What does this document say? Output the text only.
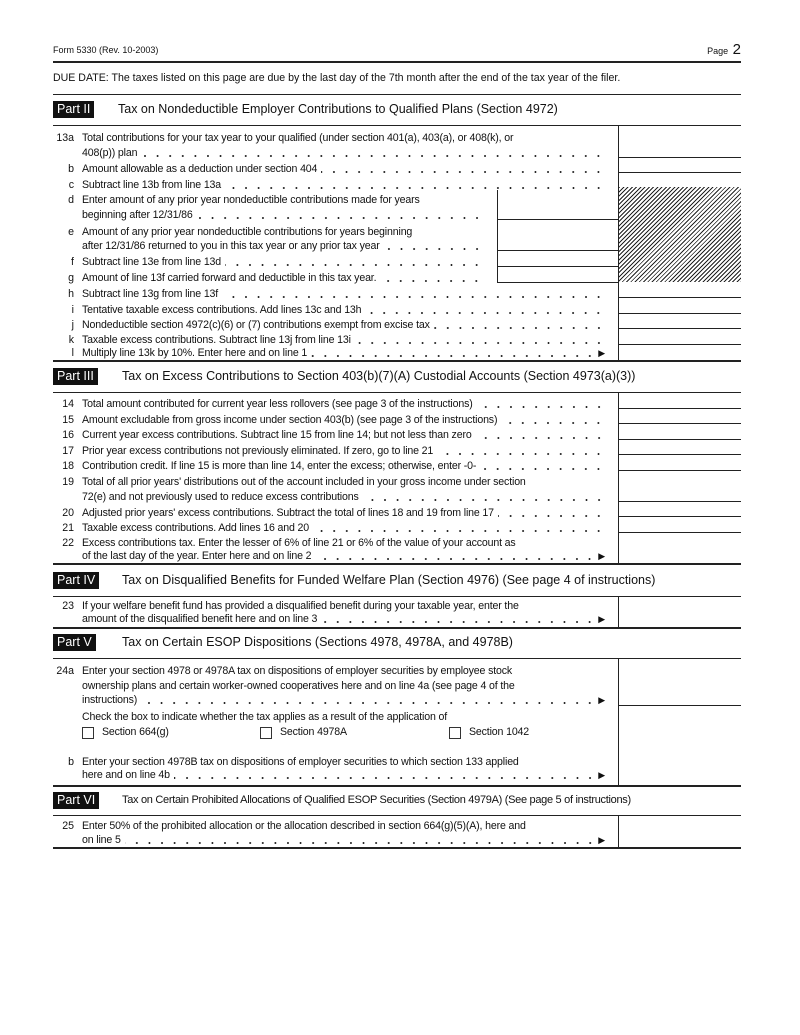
Form 5330 (Rev. 10-2003)	Page 2
DUE DATE: The taxes listed on this page are due by the last day of the 7th month after the end of the tax year of the filer.
Part II	Tax on Nondeductible Employer Contributions to Qualified Plans (Section 4972)
13a Total contributions for your tax year to your qualified (under section 401(a), 403(a), or 408(k), or
408(p)) plan
b Amount allowable as a deduction under section 404
c Subtract line 13b from line 13a
d Enter amount of any prior year nondeductible contributions made for years
beginning after 12/31/86
e Amount of any prior year nondeductible contributions for years beginning
after 12/31/86 returned to you in this tax year or any prior tax year
f Subtract line 13e from line 13d
g Amount of line 13f carried forward and deductible in this tax year.
h Subtract line 13g from line 13f
i Tentative taxable excess contributions. Add lines 13c and 13h
j Nondeductible section 4972(c)(6) or (7) contributions exempt from excise tax
k Taxable excess contributions. Subtract line 13j from line 13i
l Multiply line 13k by 10%. Enter here and on line 1	▶
Part III	Tax on Excess Contributions to Section 403(b)(7)(A) Custodial Accounts (Section 4973(a)(3))
14 Total amount contributed for current year less rollovers (see page 3 of the instructions)
15 Amount excludable from gross income under section 403(b) (see page 3 of the instructions)
16 Current year excess contributions. Subtract line 15 from line 14; but not less than zero
17 Prior year excess contributions not previously eliminated. If zero, go to line 21
18 Contribution credit. If line 15 is more than line 14, enter the excess; otherwise, enter -0-
19 Total of all prior years' distributions out of the account included in your gross income under section
72(e) and not previously used to reduce excess contributions
20 Adjusted prior years' excess contributions. Subtract the total of lines 18 and 19 from line 17
21 Taxable excess contributions. Add lines 16 and 20
22 Excess contributions tax. Enter the lesser of 6% of line 21 or 6% of the value of your account as
of the last day of the year. Enter here and on line 2	▶
Part IV	Tax on Disqualified Benefits for Funded Welfare Plan (Section 4976) (See page 4 of instructions)
23 If your welfare benefit fund has provided a disqualified benefit during your taxable year, enter the
amount of the disqualified benefit here and on line 3	▶
Part V	Tax on Certain ESOP Dispositions (Sections 4978, 4978A, and 4978B)
24a Enter your section 4978 or 4978A tax on dispositions of employer securities by employee stock
ownership plans and certain worker-owned cooperatives here and on line 4a (see page 4 of the
instructions)	▶
b Enter your section 4978B tax on dispositions of employer securities to which section 133 applied
here and on line 4b	▶
Check the box to indicate whether the tax applies as a result of the application of
Section 664(g)	Section 4978A	Section 1042
Part VI	Tax on Certain Prohibited Allocations of Qualified ESOP Securities (Section 4979A) (See page 5 of instructions)
25 Enter 50% of the prohibited allocation or the allocation described in section 664(g)(5)(A), here and
on line 5	▶
